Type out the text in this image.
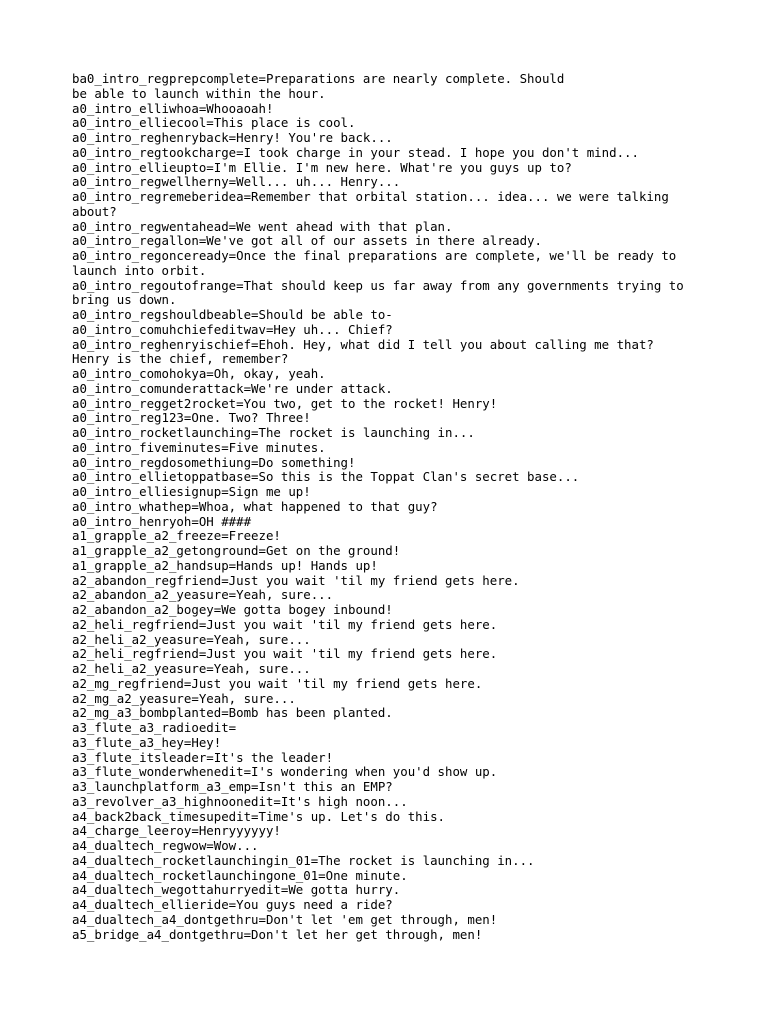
ba0_intro_regprepcomplete=Preparations are nearly complete. Should
be able to launch within the hour.
a0_intro_elliwhoa=Whooaoah!
a0_intro_elliecool=This place is cool.
a0_intro_reghenryback=Henry! You're back...
a0_intro_regtookcharge=I took charge in your stead. I hope you don't mind...
a0_intro_ellieupto=I'm Ellie. I'm new here. What're you guys up to?
a0_intro_regwellherny=Well... uh... Henry...
a0_intro_regremeberidea=Remember that orbital station... idea... we were talking
about?
a0_intro_regwentahead=We went ahead with that plan.
a0_intro_regallon=We've got all of our assets in there already.
a0_intro_regonceready=Once the final preparations are complete, we'll be ready to
launch into orbit.
a0_intro_regoutofrange=That should keep us far away from any governments trying to
bring us down.
a0_intro_regshouldbeable=Should be able to-
a0_intro_comuhchiefeditwav=Hey uh... Chief?
a0_intro_reghenryischief=Ehoh. Hey, what did I tell you about calling me that?
Henry is the chief, remember?
a0_intro_comohokya=Oh, okay, yeah.
a0_intro_comunderattack=We're under attack.
a0_intro_regget2rocket=You two, get to the rocket! Henry!
a0_intro_reg123=One. Two? Three!
a0_intro_rocketlaunching=The rocket is launching in...
a0_intro_fiveminutes=Five minutes.
a0_intro_regdosomethiung=Do something!
a0_intro_ellietoppatbase=So this is the Toppat Clan's secret base...
a0_intro_elliesignup=Sign me up!
a0_intro_whathep=Whoa, what happened to that guy?
a0_intro_henryoh=OH ####
a1_grapple_a2_freeze=Freeze!
a1_grapple_a2_getonground=Get on the ground!
a1_grapple_a2_handsup=Hands up! Hands up!
a2_abandon_regfriend=Just you wait 'til my friend gets here.
a2_abandon_a2_yeasure=Yeah, sure...
a2_abandon_a2_bogey=We gotta bogey inbound!
a2_heli_regfriend=Just you wait 'til my friend gets here.
a2_heli_a2_yeasure=Yeah, sure...
a2_heli_regfriend=Just you wait 'til my friend gets here.
a2_heli_a2_yeasure=Yeah, sure...
a2_mg_regfriend=Just you wait 'til my friend gets here.
a2_mg_a2_yeasure=Yeah, sure...
a2_mg_a3_bombplanted=Bomb has been planted.
a3_flute_a3_radioedit=
a3_flute_a3_hey=Hey!
a3_flute_itsleader=It's the leader!
a3_flute_wonderwhenedit=I's wondering when you'd show up.
a3_launchplatform_a3_emp=Isn't this an EMP?
a3_revolver_a3_highnoonedit=It's high noon...
a4_back2back_timesupedit=Time's up. Let's do this.
a4_charge_leeroy=Henryyyyyy!
a4_dualtech_regwow=Wow...
a4_dualtech_rocketlaunchingin_01=The rocket is launching in...
a4_dualtech_rocketlaunchingone_01=One minute.
a4_dualtech_wegottahurryedit=We gotta hurry.
a4_dualtech_ellieride=You guys need a ride?
a4_dualtech_a4_dontgethru=Don't let 'em get through, men!
a5_bridge_a4_dontgethru=Don't let her get through, men!
